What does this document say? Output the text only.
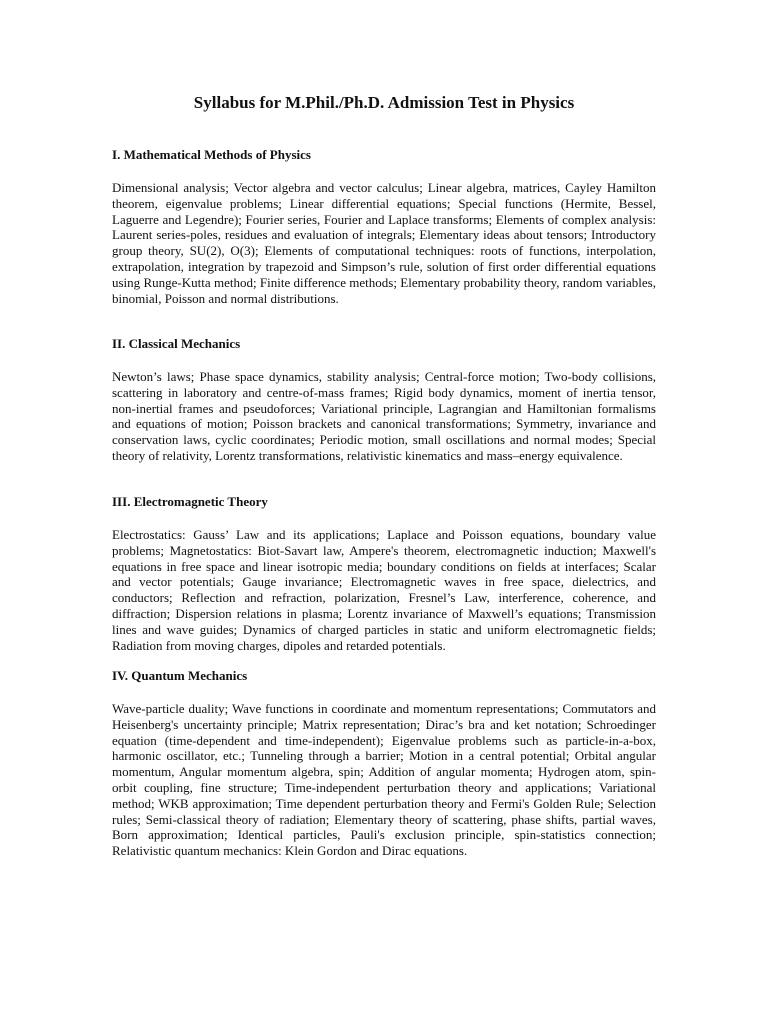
Syllabus for M.Phil./Ph.D. Admission Test in Physics

I. Mathematical Methods of Physics

Dimensional analysis; Vector algebra and vector calculus; Linear algebra, matrices, Cayley Hamilton theorem, eigenvalue problems; Linear differential equations; Special functions (Hermite, Bessel, Laguerre and Legendre); Fourier series, Fourier and Laplace transforms; Elements of complex analysis: Laurent series-poles, residues and evaluation of integrals; Elementary ideas about tensors; Introductory group theory, SU(2), O(3); Elements of computational techniques: roots of functions, interpolation, extrapolation, integration by trapezoid and Simpson’s rule, solution of first order differential equations using Runge-Kutta method; Finite difference methods; Elementary probability theory, random variables, binomial, Poisson and normal distributions.

II. Classical Mechanics

Newton’s laws; Phase space dynamics, stability analysis; Central-force motion; Two-body collisions, scattering in laboratory and centre-of-mass frames; Rigid body dynamics, moment of inertia tensor, non-inertial frames and pseudoforces; Variational principle, Lagrangian and Hamiltonian formalisms and equations of motion; Poisson brackets and canonical transformations; Symmetry, invariance and conservation laws, cyclic coordinates; Periodic motion, small oscillations and normal modes; Special theory of relativity, Lorentz transformations, relativistic kinematics and mass–energy equivalence.

III. Electromagnetic Theory

Electrostatics: Gauss’ Law and its applications; Laplace and Poisson equations, boundary value problems; Magnetostatics: Biot-Savart law, Ampere's theorem, electromagnetic induction; Maxwell's equations in free space and linear isotropic media; boundary conditions on fields at interfaces; Scalar and vector potentials; Gauge invariance; Electromagnetic waves in free space, dielectrics, and conductors; Reflection and refraction, polarization, Fresnel’s Law, interference, coherence, and diffraction; Dispersion relations in plasma; Lorentz invariance of Maxwell’s equations; Transmission lines and wave guides; Dynamics of charged particles in static and uniform electromagnetic fields; Radiation from moving charges, dipoles and retarded potentials.

IV. Quantum Mechanics

Wave-particle duality; Wave functions in coordinate and momentum representations; Commutators and Heisenberg's uncertainty principle; Matrix representation; Dirac’s bra and ket notation; Schroedinger equation (time-dependent and time-independent); Eigenvalue problems such as particle-in-a-box, harmonic oscillator, etc.; Tunneling through a barrier; Motion in a central potential; Orbital angular momentum, Angular momentum algebra, spin; Addition of angular momenta; Hydrogen atom, spin-orbit coupling, fine structure; Time-independent perturbation theory and applications; Variational method; WKB approximation; Time dependent perturbation theory and Fermi's Golden Rule; Selection rules; Semi-classical theory of radiation; Elementary theory of scattering, phase shifts, partial waves, Born approximation; Identical particles, Pauli's exclusion principle, spin-statistics connection; Relativistic quantum mechanics: Klein Gordon and Dirac equations.
